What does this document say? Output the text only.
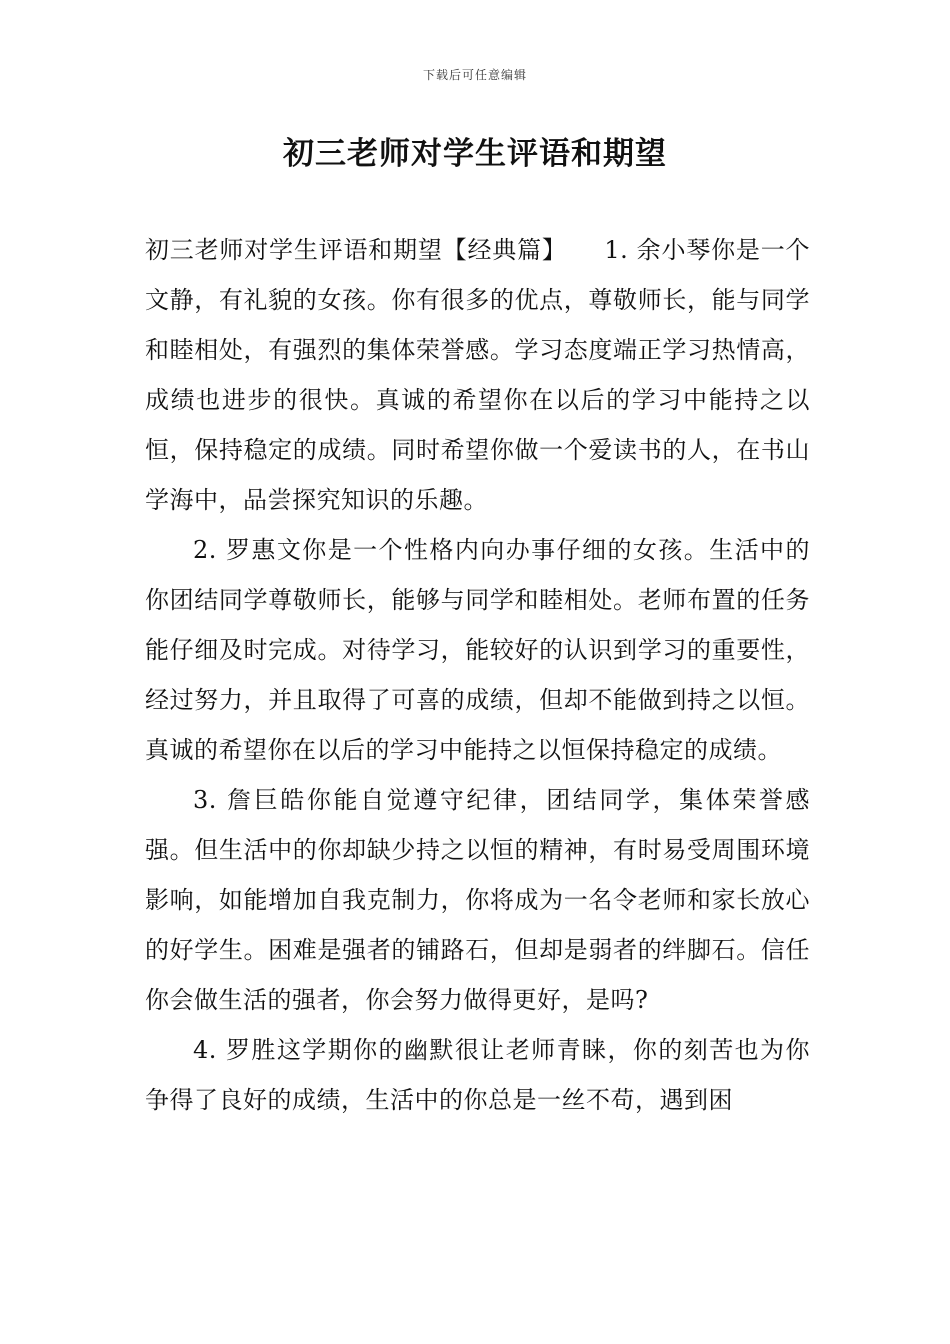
下载后可任意编辑
初三老师对学生评语和期望

初三老师对学生评语和期望【经典篇】　　1. 余小琴你是一个文静，有礼貌的女孩。你有很多的优点，尊敬师长，能与同学和睦相处，有强烈的集体荣誉感。学习态度端正学习热情高，成绩也进步的很快。真诚的希望你在以后的学习中能持之以恒，保持稳定的成绩。同时希望你做一个爱读书的人，在书山学海中，品尝探究知识的乐趣。

2. 罗惠文你是一个性格内向办事仔细的女孩。生活中的你团结同学尊敬师长，能够与同学和睦相处。老师布置的任务能仔细及时完成。对待学习，能较好的认识到学习的重要性，经过努力，并且取得了可喜的成绩，但却不能做到持之以恒。真诚的希望你在以后的学习中能持之以恒保持稳定的成绩。

3. 詹巨皓你能自觉遵守纪律，团结同学，集体荣誉感强。但生活中的你却缺少持之以恒的精神，有时易受周围环境影响，如能增加自我克制力，你将成为一名令老师和家长放心的好学生。困难是强者的铺路石，但却是弱者的绊脚石。信任你会做生活的强者，你会努力做得更好，是吗?

4. 罗胜这学期你的幽默很让老师青睐，你的刻苦也为你争得了良好的成绩，生活中的你总是一丝不苟，遇到困
